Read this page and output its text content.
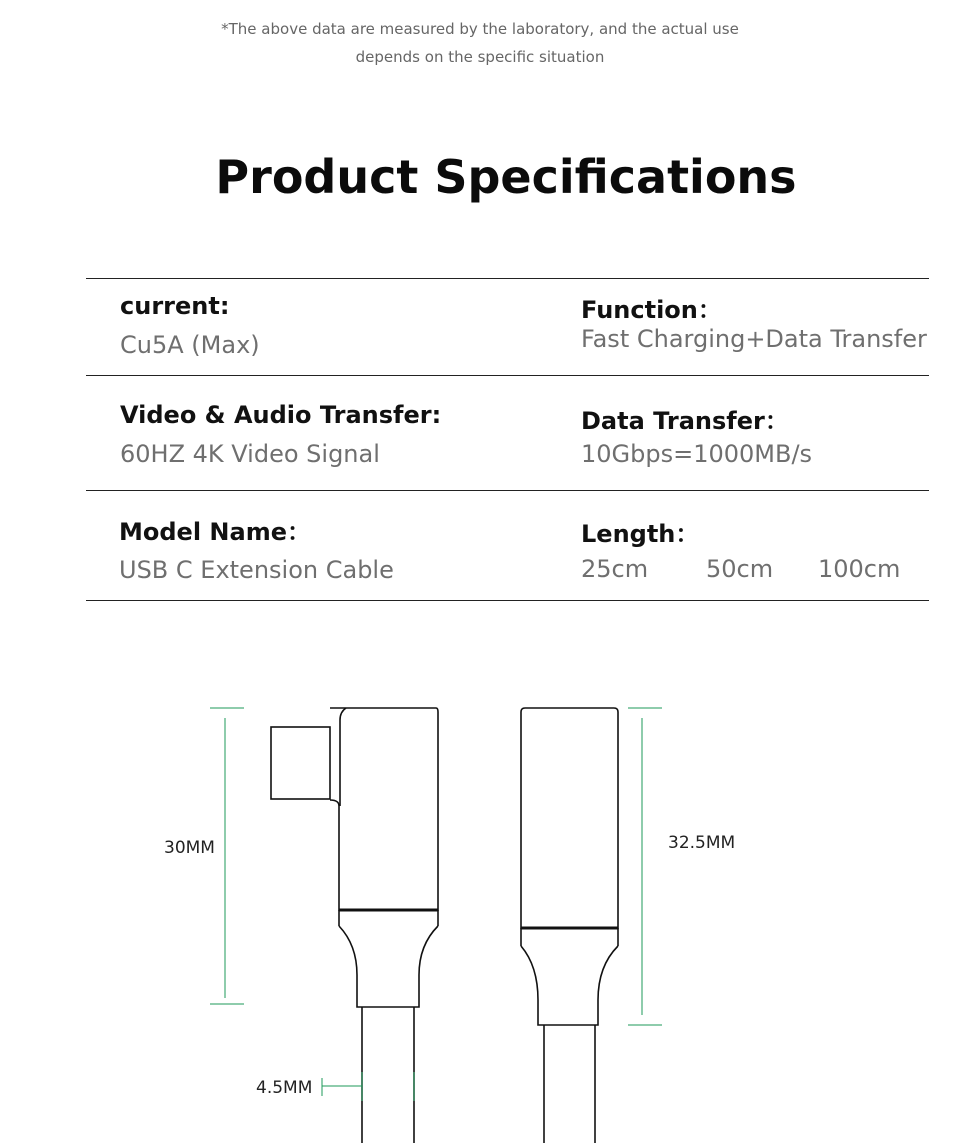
*The above data are measured by the laboratory, and the actual use
depends on the specific situation
Product Specifications
current:
Cu5A (Max)
Function：
Fast Charging+Data Transfer
Video & Audio Transfer:
60HZ 4K Video Signal
Data Transfer：
10Gbps=1000MB/s
Model Name：
USB C Extension Cable
Length：
25cm 50cm 100cm
30MM	32.5MM
4.5MM
